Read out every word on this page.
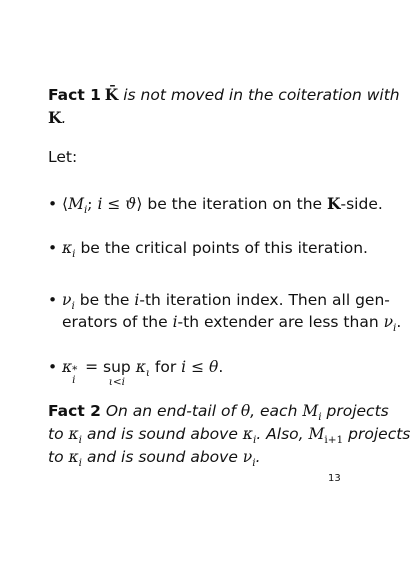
Fact 1 K̄ is not moved in the coiteration with
K.
Let:
• $⟨M_i$; i ≤ ϑ⟩ be the iteration on the K-side.
• $\kappa_i$ be the critical points of this iteration.
• $\nu_i$ be the i-th iteration index. Then all gen-
erators of the i-th extender are less than $\nu_i$.
• κ *
i
= sup
ι<i
$\kappa_\iota$ for i ≤ θ.
Fact 2 On an end-tail of θ, each $M_i$ projects
to $\kappa_i$ and is sound above $\kappa_i$. Also, $M_{i+1}$ projects
to $\kappa_i$ and is sound above $\nu_i$.
13
